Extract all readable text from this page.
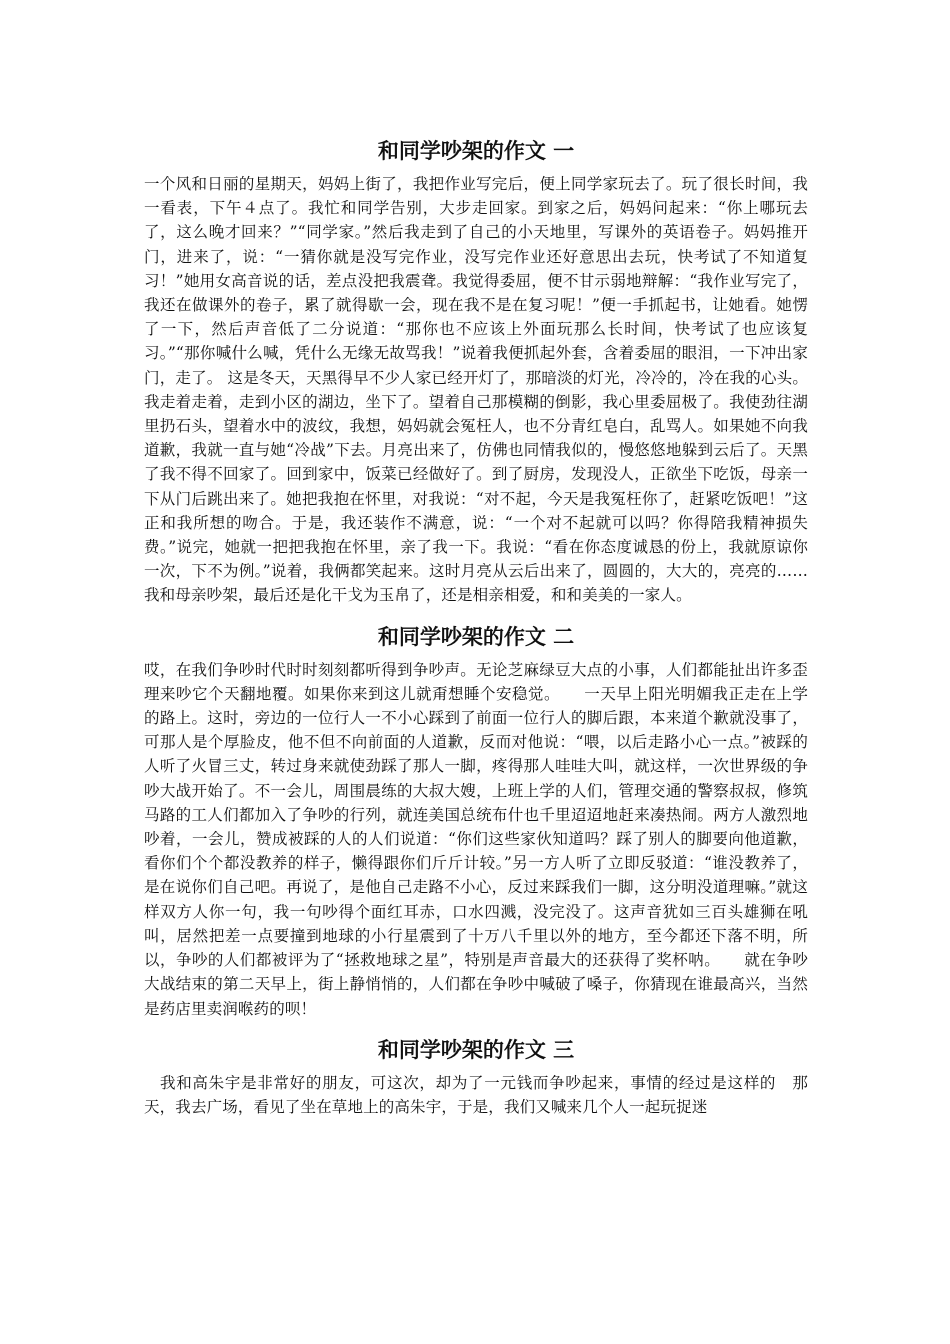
和同学吵架的作文 一

一个风和日丽的星期天，妈妈上街了，我把作业写完后，便上同学家玩去了。玩了很长时间，我一看表，下午４点了。我忙和同学告别，大步走回家。到家之后，妈妈问起来：“你上哪玩去了，这么晚才回来？”“同学家。”然后我走到了自己的小天地里，写课外的英语卷子。妈妈推开门，进来了，说：“一猜你就是没写完作业，没写完作业还好意思出去玩，快考试了不知道复习！”她用女高音说的话，差点没把我震聋。我觉得委屈，便不甘示弱地辩解：“我作业写完了，我还在做课外的卷子，累了就得歇一会，现在我不是在复习呢！”便一手抓起书，让她看。她愣了一下，然后声音低了二分说道：“那你也不应该上外面玩那么长时间，快考试了也应该复习。”“那你喊什么喊，凭什么无缘无故骂我！”说着我便抓起外套，含着委屈的眼泪，一下冲出家门，走了。 这是冬天，天黑得早不少人家已经开灯了，那暗淡的灯光，冷冷的，冷在我的心头。我走着走着，走到小区的湖边，坐下了。望着自己那模糊的倒影，我心里委屈极了。我使劲往湖里扔石头，望着水中的波纹，我想，妈妈就会冤枉人，也不分青红皂白，乱骂人。如果她不向我道歉，我就一直与她“冷战”下去。月亮出来了，仿佛也同情我似的，慢悠悠地躲到云后了。天黑了我不得不回家了。回到家中，饭菜已经做好了。到了厨房，发现没人，正欲坐下吃饭，母亲一下从门后跳出来了。她把我抱在怀里，对我说：“对不起，今天是我冤枉你了，赶紧吃饭吧！”这正和我所想的吻合。于是，我还装作不满意，说：“一个对不起就可以吗？你得陪我精神损失费。”说完，她就一把把我抱在怀里，亲了我一下。我说：“看在你态度诚恳的份上，我就原谅你一次，下不为例。”说着，我俩都笑起来。这时月亮从云后出来了，圆圆的，大大的，亮亮的…… 我和母亲吵架，最后还是化干戈为玉帛了，还是相亲相爱，和和美美的一家人。

和同学吵架的作文 二

哎，在我们争吵时代时时刻刻都听得到争吵声。无论芝麻绿豆大点的小事，人们都能扯出许多歪理来吵它个天翻地覆。如果你来到这儿就甭想睡个安稳觉。　　一天早上阳光明媚我正走在上学的路上。这时，旁边的一位行人一不小心踩到了前面一位行人的脚后跟，本来道个歉就没事了，可那人是个厚脸皮，他不但不向前面的人道歉，反而对他说：“喂，以后走路小心一点。”被踩的人听了火冒三丈，转过身来就使劲踩了那人一脚，疼得那人哇哇大叫，就这样，一次世界级的争吵大战开始了。不一会儿，周围晨练的大叔大嫂，上班上学的人们，管理交通的警察叔叔，修筑马路的工人们都加入了争吵的行列，就连美国总统布什也千里迢迢地赶来凑热闹。两方人激烈地吵着，一会儿，赞成被踩的人的人们说道：“你们这些家伙知道吗？踩了别人的脚要向他道歉，看你们个个都没教养的样子，懒得跟你们斤斤计较。”另一方人听了立即反驳道：“谁没教养了，是在说你们自己吧。再说了，是他自己走路不小心，反过来踩我们一脚，这分明没道理嘛。”就这样双方人你一句，我一句吵得个面红耳赤，口水四溅，没完没了。这声音犹如三百头雄狮在吼叫，居然把差一点要撞到地球的小行星震到了十万八千里以外的地方，至今都还下落不明，所以，争吵的人们都被评为了“拯救地球之星”，特别是声音最大的还获得了奖杯呐。　　就在争吵大战结束的第二天早上，街上静悄悄的，人们都在争吵中喊破了嗓子，你猜现在谁最高兴，当然是药店里卖润喉药的呗！

和同学吵架的作文 三

我和高朱宇是非常好的朋友，可这次，却为了一元钱而争吵起来，事情的经过是这样的　那天，我去广场，看见了坐在草地上的高朱宇，于是，我们又喊来几个人一起玩捉迷
